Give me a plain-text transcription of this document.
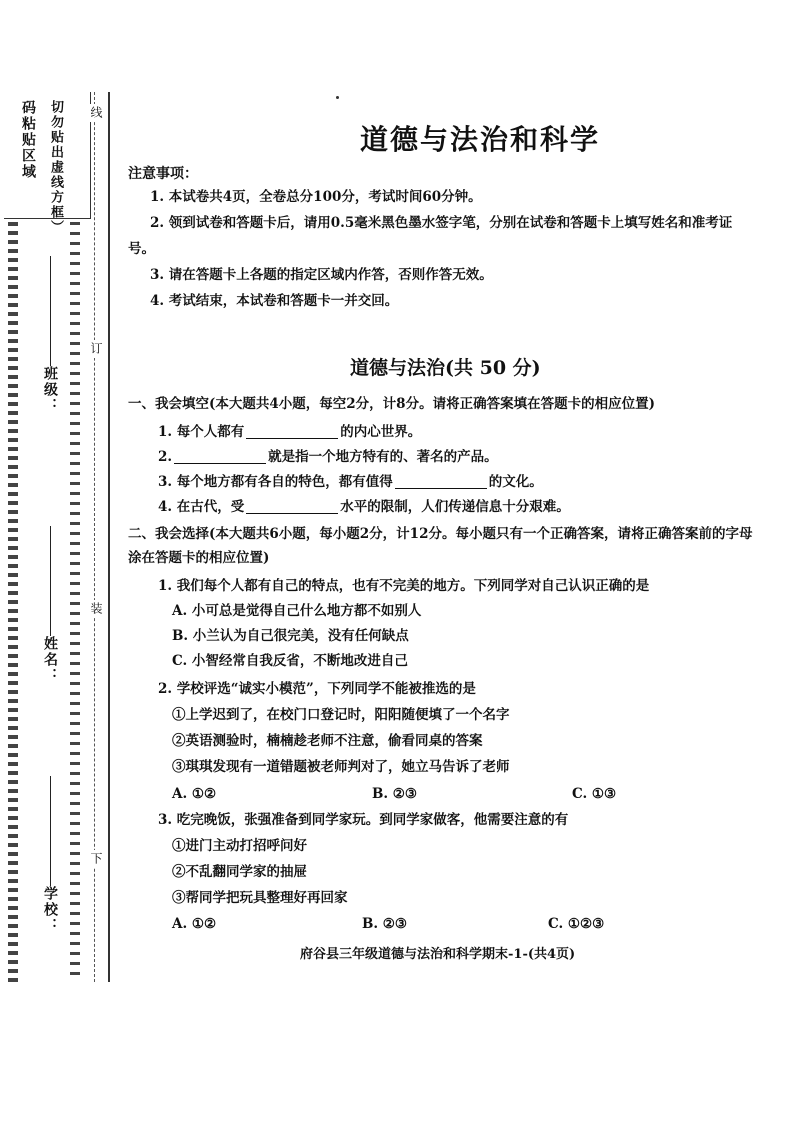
码粘贴区域 切勿贴出虚线方框） 线
订
装
下
班级：
姓名：
学校：
道德与法治和科学
注意事项：
1. 本试卷共4页，全卷总分100分，考试时间60分钟。
2. 领到试卷和答题卡后，请用0.5毫米黑色墨水签字笔，分别在试卷和答题卡上填写姓名和准考证号。
3. 请在答题卡上各题的指定区域内作答，否则作答无效。
4. 考试结束，本试卷和答题卡一并交回。
道德与法治(共 50 分)
一、我会填空(本大题共4小题，每空2分，计8分。请将正确答案填在答题卡的相应位置)
1. 每个人都有	的内心世界。
2.	就是指一个地方特有的、著名的产品。
3. 每个地方都有各自的特色，都有值得	的文化。
4. 在古代，受	水平的限制，人们传递信息十分艰难。
二、我会选择(本大题共6小题，每小题2分，计12分。每小题只有一个正确答案，请将正确答案前的字母涂在答题卡的相应位置)
1. 我们每个人都有自己的特点，也有不完美的地方。下列同学对自己认识正确的是
A. 小可总是觉得自己什么地方都不如别人
B. 小兰认为自己很完美，没有任何缺点
C. 小智经常自我反省，不断地改进自己
2. 学校评选“诚实小模范”，下列同学不能被推选的是
①上学迟到了，在校门口登记时，阳阳随便填了一个名字
②英语测验时，楠楠趁老师不注意，偷看同桌的答案
③琪琪发现有一道错题被老师判对了，她立马告诉了老师
A. ①②	B. ②③	C. ①③
3. 吃完晚饭，张强准备到同学家玩。到同学家做客，他需要注意的有
①进门主动打招呼问好
②不乱翻同学家的抽屉
③帮同学把玩具整理好再回家
A. ①②	B. ②③	C. ①②③
府谷县三年级道德与法治和科学期末-1-(共4页)
